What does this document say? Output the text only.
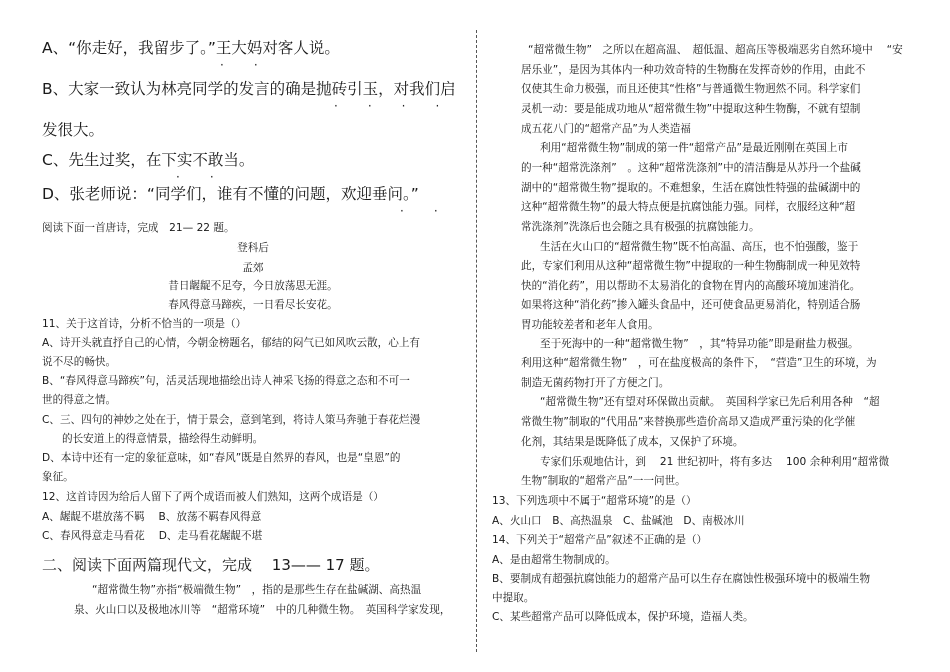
A、“你走好，我留步了。”王大妈对客人说。
·　·
B、大家一致认为林亮同学的发言的确是抛砖引玉，对我们启
·　·　·　·
发很大。
C、先生过奖，在下实不敢当。
·　·
D、张老师说：“同学们，谁有不懂的问题，欢迎垂问。”
·　·
阅读下面一首唐诗，完成　21— 22 题。
登科后
孟郊
昔日龌龊不足夸，今日放荡思无涯。
春风得意马蹄疾，一日看尽长安花。
11、关于这首诗，分析不恰当的一项是（）
A、诗开头就直抒自己的心情，今朝金榜题名，郁结的闷气已如风吹云散，心上有
说不尽的畅快。
B、“春风得意马蹄疾”句，活灵活现地描绘出诗人神采飞扬的得意之态和不可一
世的得意之情。
C、三、四句的神妙之处在于，情于景会，意到笔到，将诗人策马奔驰于春花烂漫
的长安道上的得意情景，描绘得生动鲜明。
D、本诗中还有一定的象征意味，如“春风”既是自然界的春风，也是“皇恩”的
象征。
12、这首诗因为给后人留下了两个成语而被人们熟知，这两个成语是（）
A、龌龊不堪放荡不羁　 B、放荡不羁春风得意
C、春风得意走马看花　 D、走马看花龌龊不堪
二、阅读下面两篇现代文，完成　 13—— 17 题。
“超常微生物”亦指“极端微生物”　，指的是那些生存在盐碱湖、高热温
泉、火山口以及极地冰川等　“超常环境”　中的几种微生物。　英国科学家发现，
“超常微生物”　之所以在超高温、　超低温、超高压等极端恶劣自然环境中　 “安
居乐业”，是因为其体内一种功效奇特的生物酶在发挥奇妙的作用，由此不
仅使其生命力极强，而且还使其“性格”与普通微生物迥然不同。科学家们
灵机一动：要是能成功地从“超常微生物”中提取这种生物酶，不就有望制
成五花八门的“超常产品”为人类造福
利用“超常微生物”制成的第一件“超常产品”是最近刚刚在英国上市
的一种“超常洗涤剂”　。这种“超常洗涤剂”中的清洁酶是从苏丹一个盐碱
湖中的“超常微生物”提取的。不难想象，生活在腐蚀性特强的盐碱湖中的
这种“超常微生物”的最大特点便是抗腐蚀能力强。同样，衣服经这种“超
常洗涤剂”洗涤后也会随之具有极强的抗腐蚀能力。
生活在火山口的“超常微生物”既不怕高温、高压，也不怕强酸，鉴于
此，专家们利用从这种“超常微生物”中提取的一种生物酶制成一种见效特
快的“消化药”，用以帮助不太易消化的食物在胃内的高酸环境加速消化。
如果将这种“消化药”掺入罐头食品中，还可使食品更易消化，特别适合肠
胃功能较差者和老年人食用。
至于死海中的一种“超常微生物”　，其“特异功能”即是耐盐力极强。
利用这种“超常微生物”　，可在盐度极高的条件下，　“营造”卫生的环境，为
制造无菌药物打开了方便之门。
“超常微生物”还有望对环保做出贡献。　英国科学家已先后利用各种　“超
常微生物”制取的“代用品”来替换那些造价高昂又造成严重污染的化学催
化剂，其结果是既降低了成本，又保护了环境。
专家们乐观地估计，到　 21 世纪初叶，将有多达　 100 余种利用“超常微
生物”制取的“超常产品”一一问世。
13、下列选项中不属于“超常环境”的是（）
A、火山口　B、高热温泉　C、盐碱池　D、南极冰川
14、下列关于“超常产品”叙述不正确的是（）
A、是由超常生物制成的。
B、要制成有超强抗腐蚀能力的超常产品可以生存在腐蚀性极强环境中的极端生物
中提取。
C、某些超常产品可以降低成本，保护环境，造福人类。
